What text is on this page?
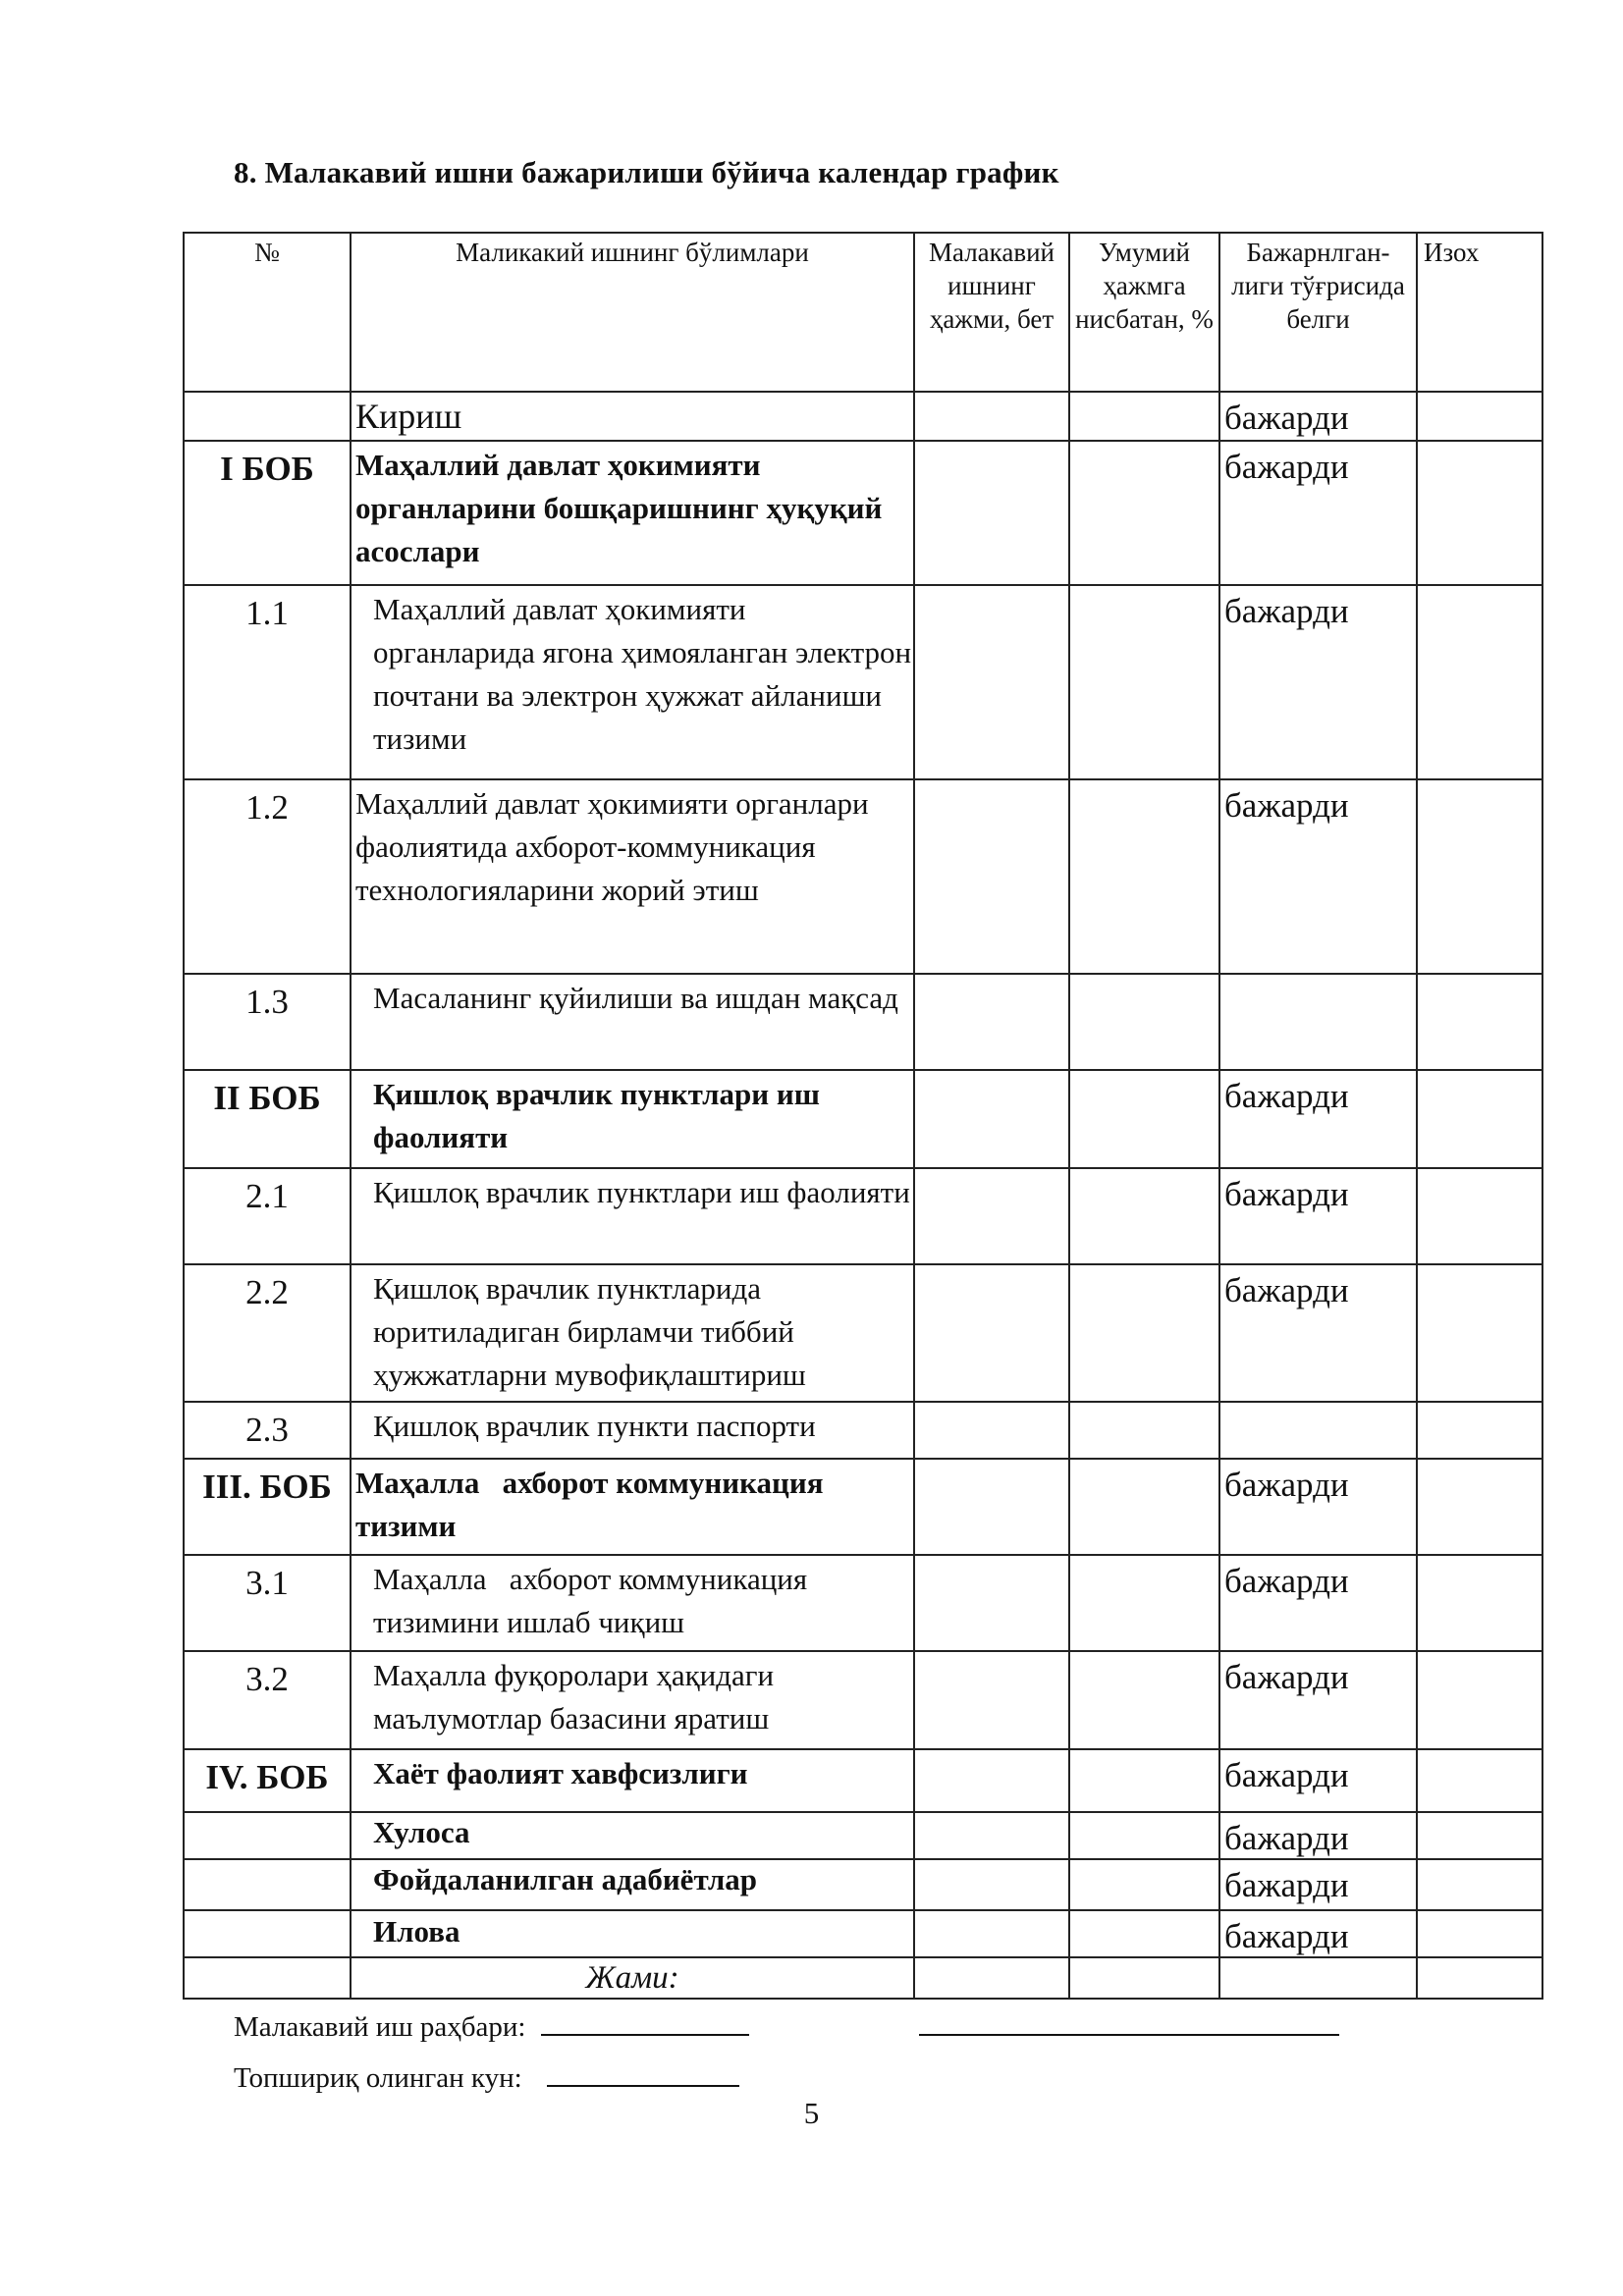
8. Малакавий ишни бажарилиши бўйича календар график
№	Маликакий ишнинг бўлимлари	Малакавий ишнинг ҳажми, бет	Умумий ҳажмга нисбатан, %	Бажарнлган-лиги тўғрисида белги	Изох
	Кириш			бажарди	
I БОБ	Маҳаллий давлат ҳокимияти органларини бошқаришнинг ҳуқуқий асослари			бажарди	
1.1	Маҳаллий давлат ҳокимияти органларида ягона ҳимояланган электрон почтани ва электрон ҳужжат айланиши тизими			бажарди	
1.2	Маҳаллий давлат ҳокимияти органлари фаолиятида ахборот-коммуникация технологияларини жорий этиш			бажарди	
1.3	Масаланинг қуйилиши ва ишдан мақсад				
II БОБ	Қишлоқ врачлик пунктлари иш фаолияти			бажарди	
2.1	Қишлоқ врачлик пунктлари иш фаолияти			бажарди	
2.2	Қишлоқ врачлик пунктларида юритиладиган бирламчи тиббий ҳужжатларни мувофиқлаштириш			бажарди	
2.3	Қишлоқ врачлик пункти паспорти				
III. БОБ	Маҳалла   ахборот коммуникация тизими			бажарди	
3.1	Маҳалла   ахборот коммуникация тизимини ишлаб чиқиш			бажарди	
3.2	Маҳалла фуқоролари ҳақидаги маълумотлар базасини яратиш			бажарди	
IV. БОБ	Хаёт фаолият хавфсизлиги			бажарди	
	Хулоса			бажарди	
	Фойдаланилган адабиётлар			бажарди	
	Илова			бажарди	
	Жами:				
Малакавий иш раҳбари:
Топшириқ олинган кун:
5
